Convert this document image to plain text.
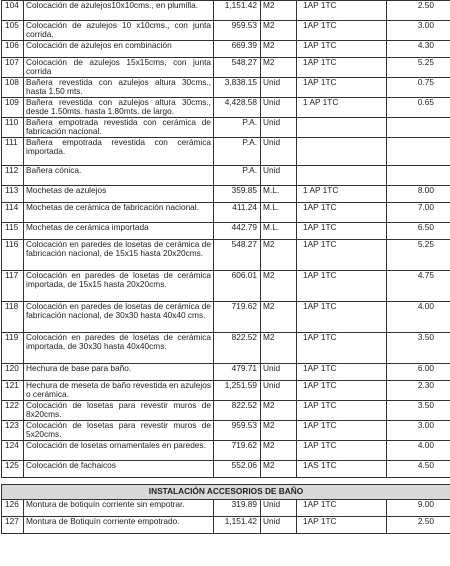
104	Colocación de azulejos10x10cms., en plumilla.	1,151.42	M2	1AP 1TC	2.50
105	Colocación de azulejos 10 x10cms., con junta corrida.	959.53	M2	1AP 1TC	3.00
106	Colocación de azulejos en combinación	669.39	M2	1AP 1TC	4.30
107	Colocación de azulejos 15x15cms, con junta corrida	548.27	M2	1AP 1TC	5.25
108	Bañera revestida con azulejos altura 30cms., hasta 1.50 mts.	3,838.15	Unid	1AP 1TC	0.75
109	Bañera revestida con azulejos altura 30cms., desde 1.50mts. hasta 1.80mts. de largo.	4,428.58	Unid	1 AP 1TC	0.65
110	Bañera empotrada revestida con cerámica de fabricación nacional.	P.A.	Unid		
111	Bañera empotrada revestida con cerámica importada.	P.A.	Unid		
112	Bañera cónica.	P.A.	Unid		
113	Mochetas de azulejos	359.85	M.L.	1 AP 1TC	8.00
114	Mochetas de cerámica de fabricación nacional.	411.24	M.L.	1AP 1TC	7.00
115	Mochetas de cerámica importada	442.79	M.L.	1AP 1TC	6.50
116	Colocación en paredes de losetas de cerámica de fabricación nacional, de 15x15 hasta 20x20cms.	548.27	M2	1AP 1TC	5.25
117	Colocación en paredes de losetas de cerámica importada, de 15x15 hasta 20x20cms.	606.01	M2	1AP 1TC	4.75
118	Colocación en paredes de losetas de cerámica de fabricación nacional, de 30x30 hasta 40x40 cms.	719.62	M2	1AP 1TC	4.00
119	Colocación en paredes de losetas de cerámica importada, de 30x30 hasta 40x40cms.	822.52	M2	1AP 1TC	3.50
120	Hechura de base para baño.	479.71	Unid	1AP 1TC	6.00
121	Hechura de meseta de baño revestida en azulejos o cerámica.	1,251.59	Unid	1AP 1TC	2.30
122	Colocación de losetas para revestir muros de 8x20cms.	822.52	M2	1AP 1TC	3.50
123	Colocación de losetas para revestir muros de 5x20cms.	959.53	M2	1AP 1TC	3.00
124	Colocación de losetas ornamentales en paredes.	719.62	M2	1AP 1TC	4.00
125	Colocación de fachaicos	552.06	M2	1AS 1TC	4.50

INSTALACIÓN ACCESORIOS DE BAÑO					
126	Montura de botiquín corriente sin empotrar.	319.89	Unid	1AP 1TC	9.00
127	Montura de Botiquín corriente empotrado.	1,151.42	Unid	1AP 1TC	2.50
